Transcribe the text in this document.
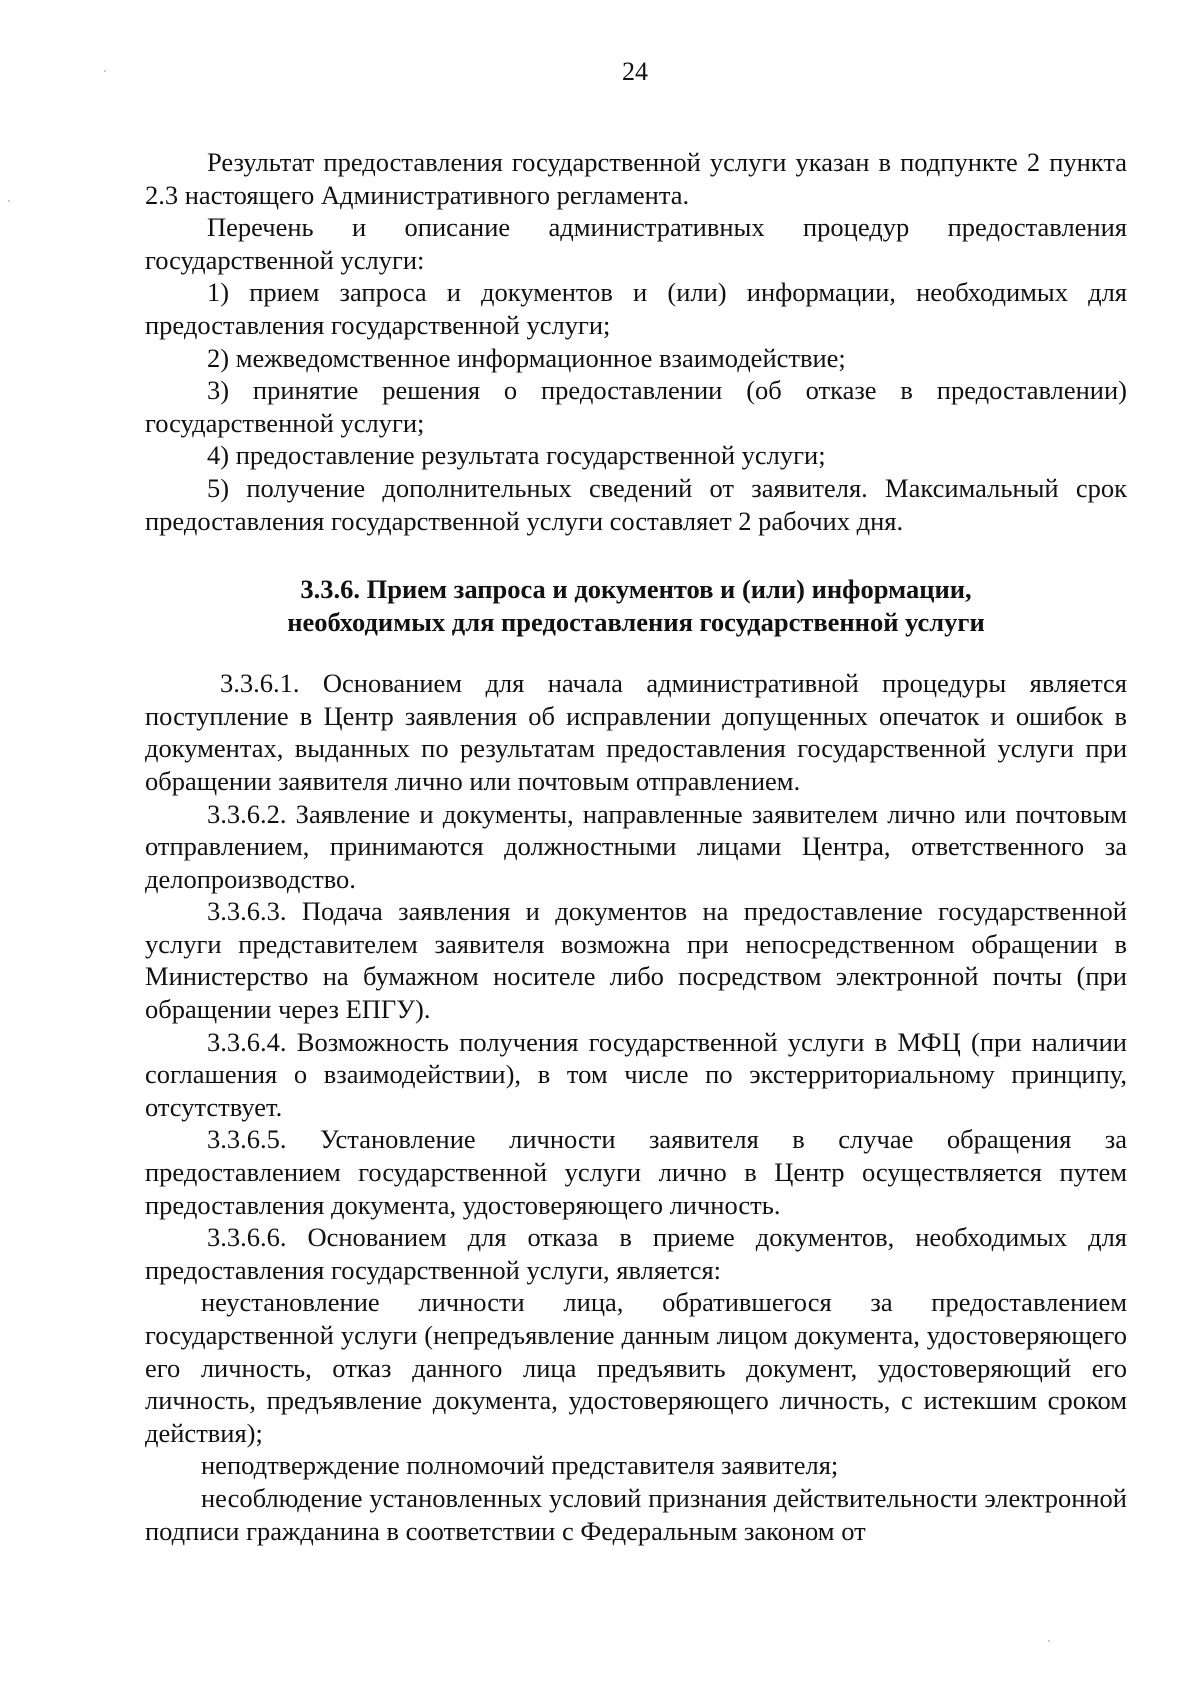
24

Результат предоставления государственной услуги указан в подпункте 2 пункта 2.3 настоящего Административного регламента.

Перечень и описание административных процедур предоставления государственной услуги:

1) прием запроса и документов и (или) информации, необходимых для предоставления государственной услуги;

2) межведомственное информационное взаимодействие;

3) принятие решения о предоставлении (об отказе в предоставлении) государственной услуги;

4) предоставление результата государственной услуги;

5) получение дополнительных сведений от заявителя. Максимальный срок предоставления государственной услуги составляет 2 рабочих дня.

3.3.6. Прием запроса и документов и (или) информации,
необходимых для предоставления государственной услуги

3.3.6.1. Основанием для начала административной процедуры является поступление в Центр заявления об исправлении допущенных опечаток и ошибок в документах, выданных по результатам предоставления государственной услуги при обращении заявителя лично или почтовым отправлением.

3.3.6.2. Заявление и документы, направленные заявителем лично или почтовым отправлением, принимаются должностными лицами Центра, ответственного за делопроизводство.

3.3.6.3. Подача заявления и документов на предоставление государственной услуги представителем заявителя возможна при непосредственном обращении в Министерство на бумажном носителе либо посредством электронной почты (при обращении через ЕПГУ).

3.3.6.4. Возможность получения государственной услуги в МФЦ (при наличии соглашения о взаимодействии), в том числе по экстерриториальному принципу, отсутствует.

3.3.6.5. Установление личности заявителя в случае обращения за предоставлением государственной услуги лично в Центр осуществляется путем предоставления документа, удостоверяющего личность.

3.3.6.6. Основанием для отказа в приеме документов, необходимых для предоставления государственной услуги, является:

неустановление личности лица, обратившегося за предоставлением государственной услуги (непредъявление данным лицом документа, удостоверяющего его личность, отказ данного лица предъявить документ, удостоверяющий его личность, предъявление документа, удостоверяющего личность, с истекшим сроком действия);

неподтверждение полномочий представителя заявителя;

несоблюдение установленных условий признания действительности электронной подписи гражданина в соответствии с Федеральным законом от
